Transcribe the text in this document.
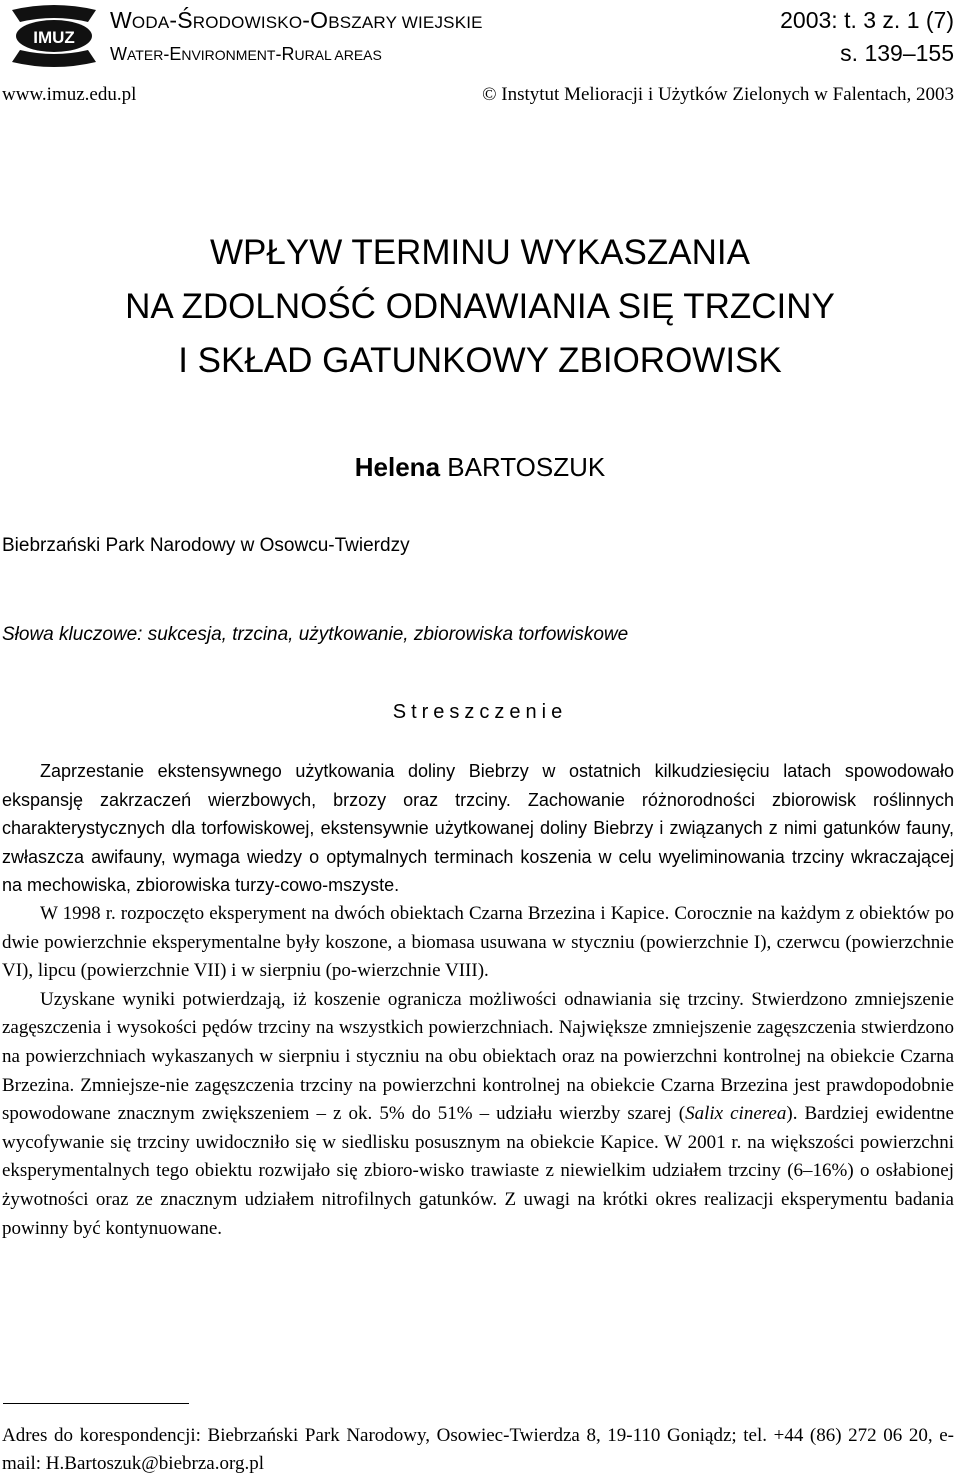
IMUZ
WODA-ŚRODOWISKO-OBSZARY WIEJSKIE
WATER-ENVIRONMENT-RURAL AREAS
2003: t. 3 z. 1 (7)
s. 139–155
www.imuz.edu.pl	© Instytut Melioracji i Użytków Zielonych w Falentach, 2003
WPŁYW TERMINU WYKASZANIA
NA ZDOLNOŚĆ ODNAWIANIA SIĘ TRZCINY
I SKŁAD GATUNKOWY ZBIOROWISK
Helena BARTOSZUK
Biebrzański Park Narodowy w Osowcu-Twierdzy
Słowa kluczowe: sukcesja, trzcina, użytkowanie, zbiorowiska torfowiskowe
Streszczenie

Zaprzestanie ekstensywnego użytkowania doliny Biebrzy w ostatnich kilkudziesięciu latach spowodowało ekspansję zakrzaczeń wierzbowych, brzozy oraz trzciny. Zachowanie różnorodności zbiorowisk roślinnych charakterystycznych dla torfowiskowej, ekstensywnie użytkowanej doliny Biebrzy i związanych z nimi gatunków fauny, zwłaszcza awifauny, wymaga wiedzy o optymalnych terminach koszenia w celu wyeliminowania trzciny wkraczającej na mechowiska, zbiorowiska turzy-cowo-mszyste.

W 1998 r. rozpoczęto eksperyment na dwóch obiektach Czarna Brzezina i Kapice. Corocznie na każdym z obiektów po dwie powierzchnie eksperymentalne były koszone, a biomasa usuwana w styczniu (powierzchnie I), czerwcu (powierzchnie VI), lipcu (powierzchnie VII) i w sierpniu (po-wierzchnie VIII).

Uzyskane wyniki potwierdzają, iż koszenie ogranicza możliwości odnawiania się trzciny. Stwierdzono zmniejszenie zagęszczenia i wysokości pędów trzciny na wszystkich powierzchniach. Największe zmniejszenie zagęszczenia stwierdzono na powierzchniach wykaszanych w sierpniu i styczniu na obu obiektach oraz na powierzchni kontrolnej na obiekcie Czarna Brzezina. Zmniejsze-nie zagęszczenia trzciny na powierzchni kontrolnej na obiekcie Czarna Brzezina jest prawdopodobnie spowodowane znacznym zwiększeniem – z ok. 5% do 51% – udziału wierzby szarej (Salix cinerea). Bardziej ewidentne wycofywanie się trzciny uwidoczniło się w siedlisku posusznym na obiekcie Kapice. W 2001 r. na większości powierzchni eksperymentalnych tego obiektu rozwijało się zbioro-wisko trawiaste z niewielkim udziałem trzciny (6–16%) o osłabionej żywotności oraz ze znacznym udziałem nitrofilnych gatunków. Z uwagi na krótki okres realizacji eksperymentu badania powinny być kontynuowane.

Adres do korespondencji: Biebrzański Park Narodowy, Osowiec-Twierdza 8, 19-110 Goniądz; tel. +44 (86) 272 06 20, e-mail: H.Bartoszuk@biebrza.org.pl
